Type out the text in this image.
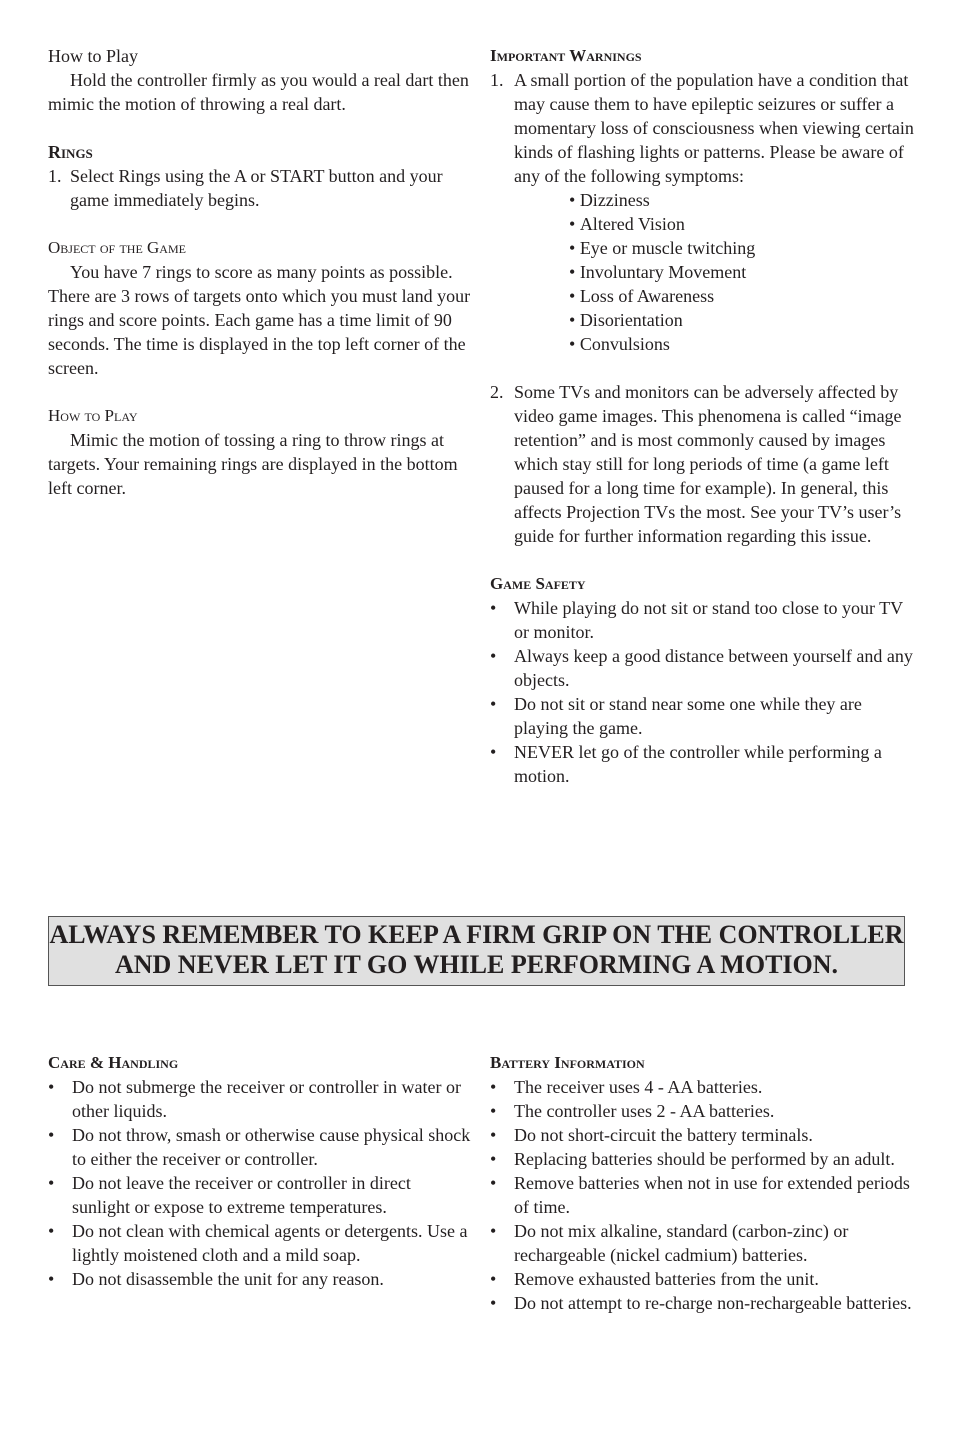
How to Play

Hold the controller firmly as you would a real dart then mimic the motion of throwing a real dart.

Rings

1. Select Rings using the A or START button and your game immediately begins.

Object of the Game

You have 7 rings to score as many points as possible. There are 3 rows of targets onto which you must land your rings and score points. Each game has a time limit of 90 seconds. The time is displayed in the top left corner of the screen.

How to Play

Mimic the motion of tossing a ring to throw rings at targets. Your remaining rings are displayed in the bottom left corner.

Important Warnings

1. A small portion of the population have a condition that may cause them to have epileptic seizures or suffer a momentary loss of consciousness when viewing certain kinds of flashing lights or patterns. Please be aware of any of the following symptoms:
• Dizziness
• Altered Vision
• Eye or muscle twitching
• Involuntary Movement
• Loss of Awareness
• Disorientation
• Convulsions
2. Some TVs and monitors can be adversely affected by video game images. This phenomena is called “image retention” and is most commonly caused by images which stay still for long periods of time (a game left paused for a long time for example). In general, this affects Projection TVs the most. See your TV’s user’s guide for further information regarding this issue.

Game Safety

• While playing do not sit or stand too close to your TV or monitor.
• Always keep a good distance between yourself and any objects.
• Do not sit or stand near some one while they are playing the game.
• NEVER let go of the controller while performing a motion.
ALWAYS REMEMBER TO KEEP A FIRM GRIP ON THE CONTROLLER
AND NEVER LET IT GO WHILE PERFORMING A MOTION.

Care & Handling

• Do not submerge the receiver or controller in water or other liquids.
• Do not throw, smash or otherwise cause physical shock to either the receiver or controller.
• Do not leave the receiver or controller in direct sunlight or expose to extreme temperatures.
• Do not clean with chemical agents or detergents. Use a lightly moistened cloth and a mild soap.
• Do not disassemble the unit for any reason.

Battery Information

• The receiver uses 4 - AA batteries.
• The controller uses 2 - AA batteries.
• Do not short-circuit the battery terminals.
• Replacing batteries should be performed by an adult.
• Remove batteries when not in use for extended periods of time.
• Do not mix alkaline, standard (carbon-zinc) or rechargeable (nickel cadmium) batteries.
• Remove exhausted batteries from the unit.
• Do not attempt to re-charge non-rechargeable batteries.
